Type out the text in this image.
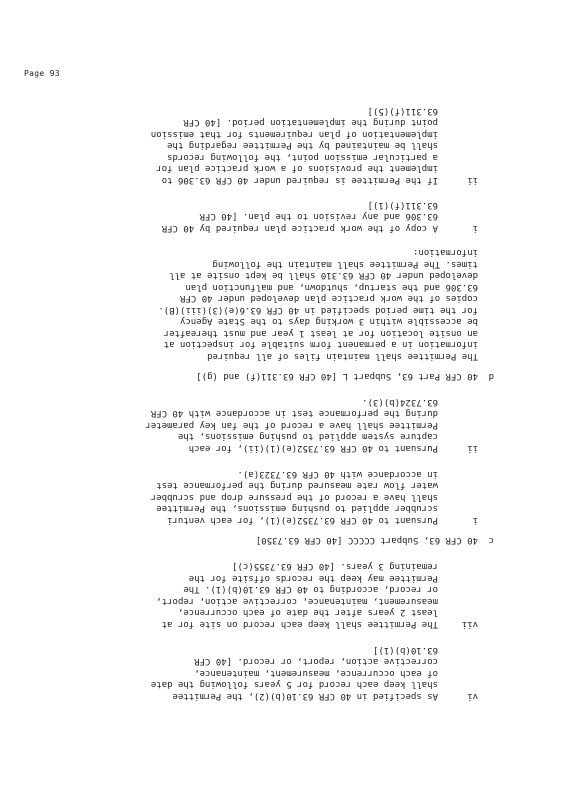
Page 93
vi
As specified in 40 CFR 63.10(b)(2), the Permittee
shall keep each record for 5 years following the date
of each occurrence, measurement, maintenance,
corrective action, report, or record. [40 CFR
63.10(b)(1)]
vii
The Permittee shall keep each record on site for at
least 2 years after the date of each occurrence,
measurement, maintenance, corrective action, report,
or record, according to 40 CFR 63.10(b)(1). The
Permittee may keep the records offsite for the
remaining 3 years. [40 CFR 63.7355(c)]
c
40 CFR 63, Subpart CCCCC [40 CFR 63.7350]
i
Pursuant to 40 CFR 63.7352(e)(1), for each venturi
scrubber applied to pushing emissions, the Permittee
shall have a record of the pressure drop and scrubber
water flow rate measured during the performance test
in accordance with 40 CFR 63.7323(a).
ii
Pursuant to 40 CFR 63.7352(e)(1)(ii), for each
capture system applied to pushing emissions, the
Permittee shall have a record of the fan key parameter
during the performance test in accordance with 40 CFR
63.7324(b)(3).
d
40 CFR Part 63, Subpart L [40 CFR 63.311(f) and (g)]
The Permittee shall maintain files of all required
information in a permanent form suitable for inspection at
an onsite location for at least 1 year and must thereafter
be accessible within 3 working days to the State Agency
for the time period specified in 40 CFR 63.6(e)(3)(iii)(B).
copies of the work practice plan developed under 40 CFR
63.306 and the startup, shutdown, and malfunction plan
developed under 40 CFR 63.310 shall be kept onsite at all
times. The Permittee shall maintain the following
information:
i
A copy of the work practice plan required by 40 CFR
63.306 and any revision to the plan. [40 CFR
63.311(f)(1)]
ii
If the Permittee is required under 40 CFR 63.306 to
implement the provisions of a work practice plan for
a particular emission point, the following records
shall be maintained by the Permittee regarding the
implementation of plan requirements for that emission
point during the implementation period. [40 CFR
63.311(f)(5)]
